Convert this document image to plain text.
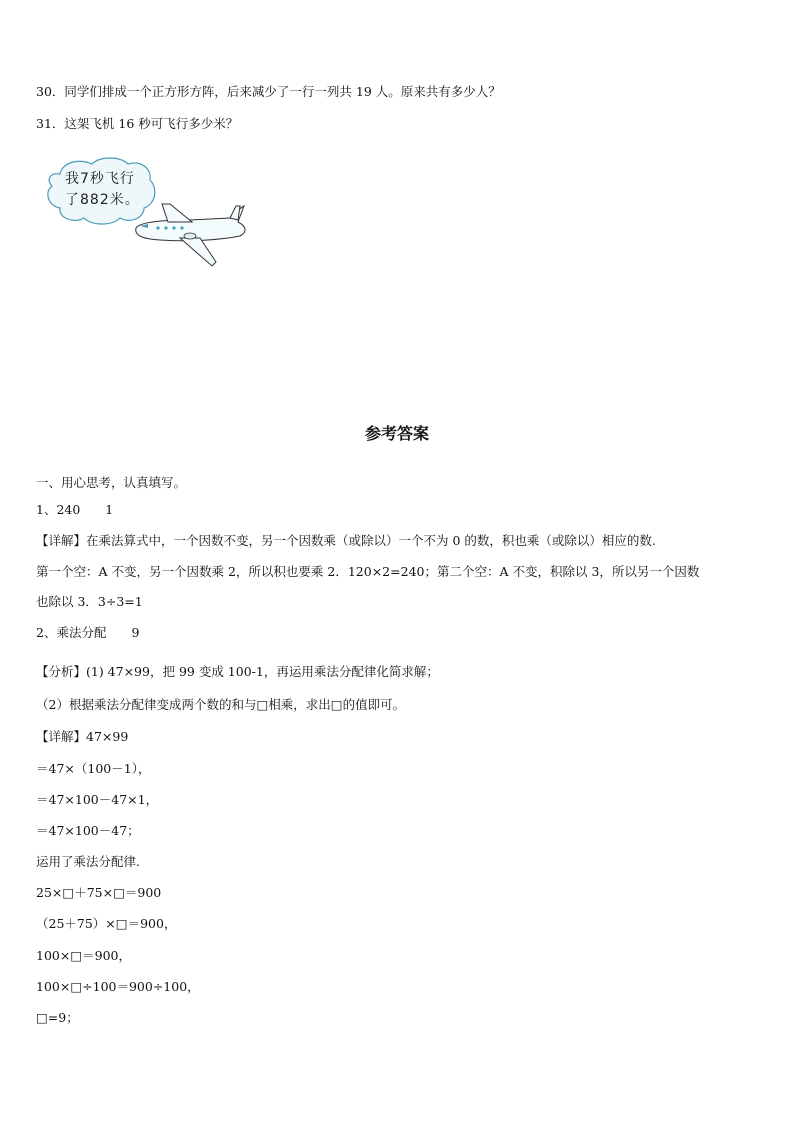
30．同学们排成一个正方形方阵，后来减少了一行一列共 19 人。原来共有多少人？
31．这架飞机 16 秒可飞行多少米？
我7秒飞行
了882米。
参考答案
一、用心思考，认真填写。
1、240　　1
【详解】在乘法算式中，一个因数不变，另一个因数乘（或除以）一个不为 0 的数，积也乘（或除以）相应的数.
第一个空：A 不变，另一个因数乘 2，所以积也要乘 2．120×2=240；第二个空：A 不变，积除以 3，所以另一个因数
也除以 3．3÷3=1
2、乘法分配　　9
【分析】(1) 47×99，把 99 变成 100-1，再运用乘法分配律化简求解；
（2）根据乘法分配律变成两个数的和与□相乘，求出□的值即可。
【详解】47×99
＝47×（100－1），
＝47×100－47×1，
＝47×100－47；
运用了乘法分配律.
25×□＋75×□＝900
（25＋75）×□＝900，
100×□＝900，
100×□÷100＝900÷100，
□=9；
